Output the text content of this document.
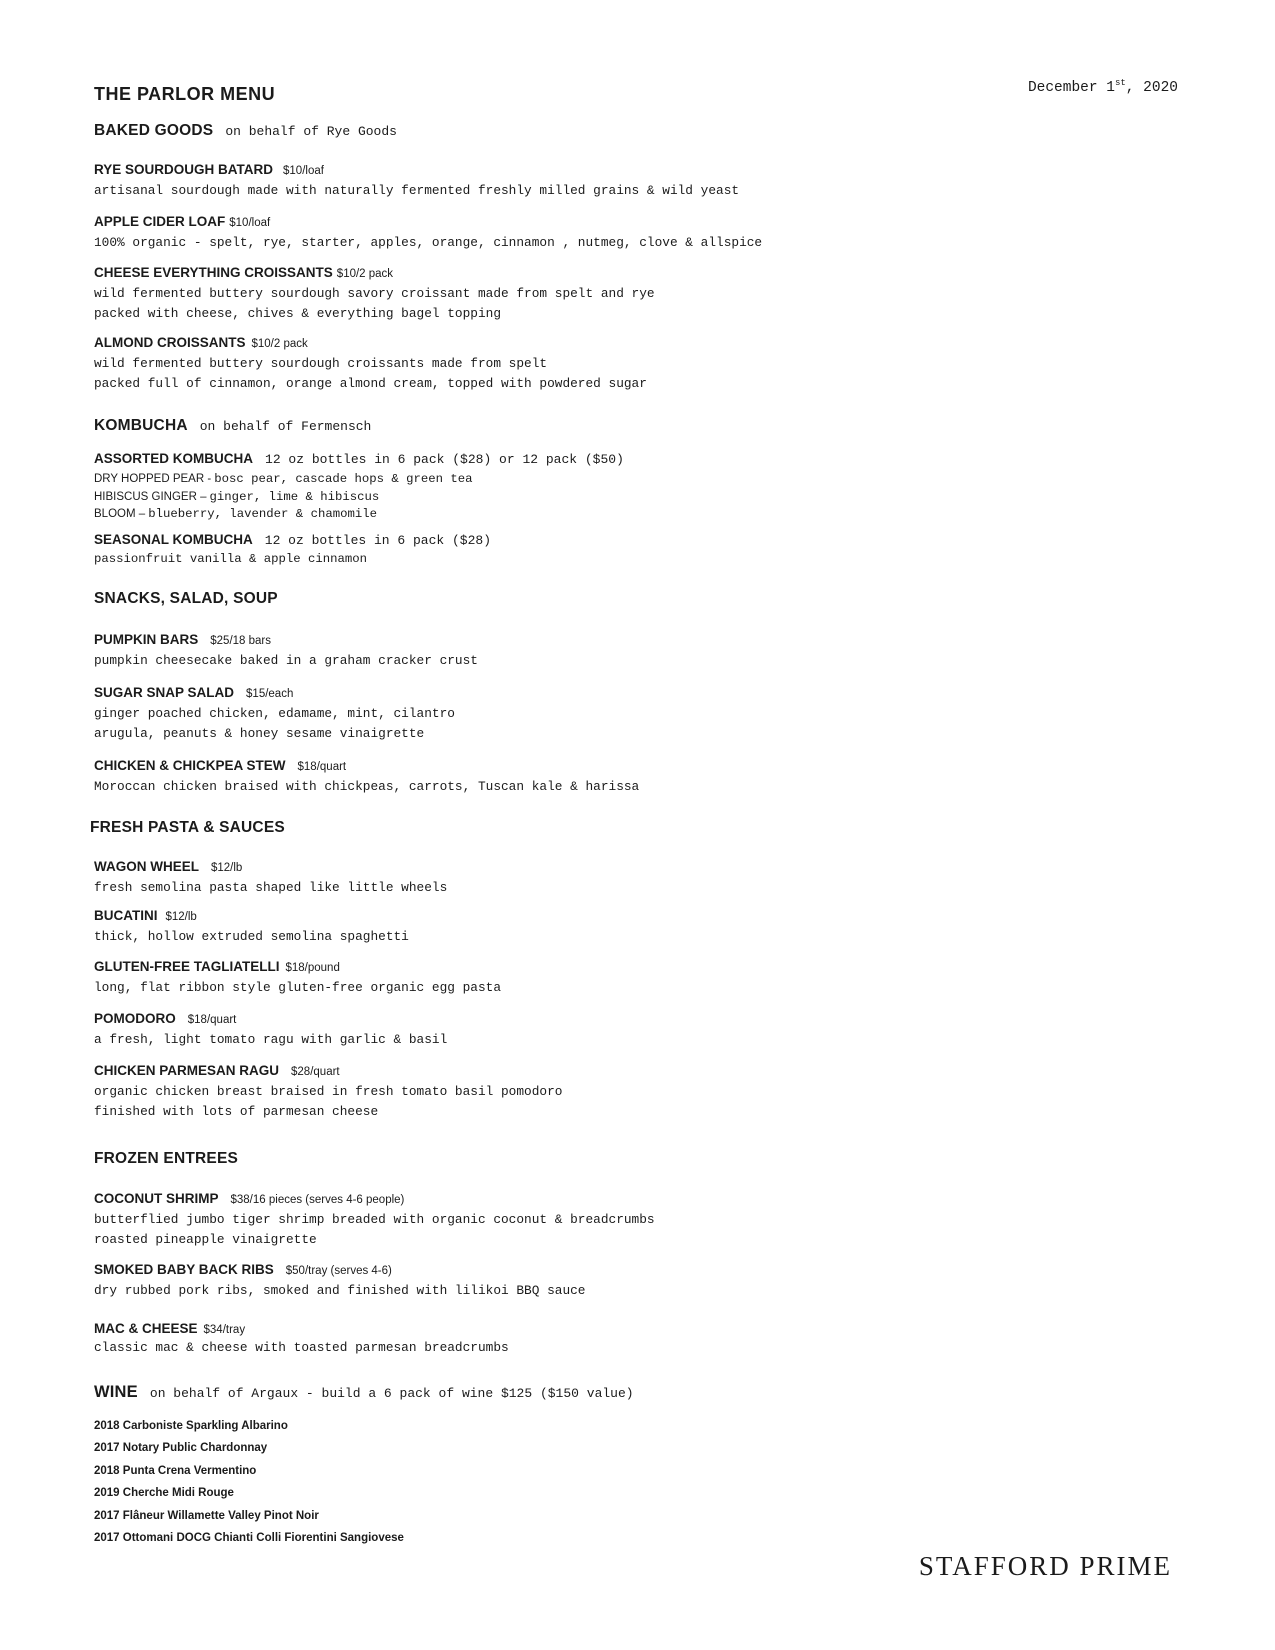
THE PARLOR MENU	December 1st, 2020
BAKED GOODS on behalf of Rye Goods
RYE SOURDOUGH BATARD $10/loaf
artisanal sourdough made with naturally fermented freshly milled grains & wild yeast
APPLE CIDER LOAF $10/loaf
100% organic - spelt, rye, starter, apples, orange, cinnamon , nutmeg, clove & allspice
CHEESE EVERYTHING CROISSANTS $10/2 pack
wild fermented buttery sourdough savory croissant made from spelt and rye
packed with cheese, chives & everything bagel topping
ALMOND CROISSANTS $10/2 pack
wild fermented buttery sourdough croissants made from spelt
packed full of cinnamon, orange almond cream, topped with powdered sugar
KOMBUCHA on behalf of Fermensch
ASSORTED KOMBUCHA 12 oz bottles in 6 pack ($28) or 12 pack ($50)
DRY HOPPED PEAR - bosc pear, cascade hops & green tea
HIBISCUS GINGER – ginger, lime & hibiscus
BLOOM – blueberry, lavender & chamomile
SEASONAL KOMBUCHA 12 oz bottles in 6 pack ($28)
passionfruit vanilla & apple cinnamon
SNACKS, SALAD, SOUP
PUMPKIN BARS $25/18 bars
pumpkin cheesecake baked in a graham cracker crust
SUGAR SNAP SALAD $15/each
ginger poached chicken, edamame, mint, cilantro
arugula, peanuts & honey sesame vinaigrette
CHICKEN & CHICKPEA STEW $18/quart
Moroccan chicken braised with chickpeas, carrots, Tuscan kale & harissa
FRESH PASTA & SAUCES
WAGON WHEEL $12/lb
fresh semolina pasta shaped like little wheels
BUCATINI $12/lb
thick, hollow extruded semolina spaghetti
GLUTEN-FREE TAGLIATELLI $18/pound
long, flat ribbon style gluten-free organic egg pasta
POMODORO $18/quart
a fresh, light tomato ragu with garlic & basil
CHICKEN PARMESAN RAGU $28/quart
organic chicken breast braised in fresh tomato basil pomodoro
finished with lots of parmesan cheese
FROZEN ENTREES
COCONUT SHRIMP $38/16 pieces (serves 4-6 people)
butterflied jumbo tiger shrimp breaded with organic coconut & breadcrumbs
roasted pineapple vinaigrette
SMOKED BABY BACK RIBS $50/tray (serves 4-6)
dry rubbed pork ribs, smoked and finished with lilikoi BBQ sauce
MAC & CHEESE $34/tray
classic mac & cheese with toasted parmesan breadcrumbs
WINE on behalf of Argaux - build a 6 pack of wine $125 ($150 value)
2018 Carboniste Sparkling Albarino
2017 Notary Public Chardonnay
2018 Punta Crena Vermentino
2019 Cherche Midi Rouge
2017 Flâneur Willamette Valley Pinot Noir
2017 Ottomani DOCG Chianti Colli Fiorentini Sangiovese
STAFFORD PRIME
